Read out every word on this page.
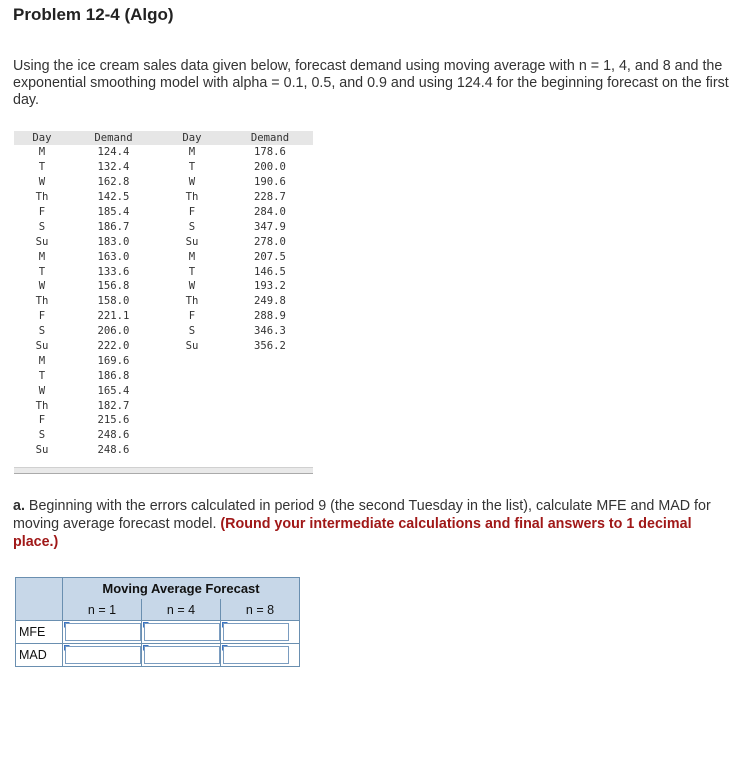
Problem 12-4 (Algo)
Using the ice cream sales data given below, forecast demand using moving average with n = 1, 4, and 8 and the exponential smoothing model with alpha = 0.1, 0.5, and 0.9 and using 124.4 for the beginning forecast on the first day.
Day	Demand	Day	Demand
M	124.4	M	178.6
T	132.4	T	200.0
W	162.8	W	190.6
Th	142.5	Th	228.7
F	185.4	F	284.0
S	186.7	S	347.9
Su	183.0	Su	278.0
M	163.0	M	207.5
T	133.6	T	146.5
W	156.8	W	193.2
Th	158.0	Th	249.8
F	221.1	F	288.9
S	206.0	S	346.3
Su	222.0	Su	356.2
M	169.6		
T	186.8		
W	165.4		
Th	182.7		
F	215.6		
S	248.6		
Su	248.6		
a. Beginning with the errors calculated in period 9 (the second Tuesday in the list), calculate MFE and MAD for moving average forecast model. (Round your intermediate calculations and final answers to 1 decimal place.)
	Moving Average Forecast		
	n = 1	n = 4	n = 8
MFE	

MAD	
